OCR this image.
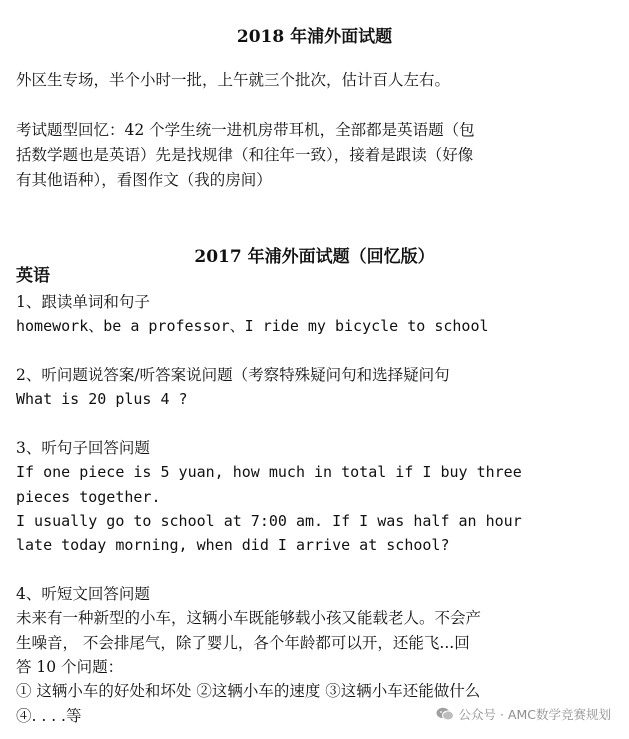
2018 年浦外面试题
外区生专场，半个小时一批，上午就三个批次，估计百人左右。
考试题型回忆：42 个学生统一进机房带耳机，全部都是英语题（包
括数学题也是英语）先是找规律（和往年一致），接着是跟读（好像
有其他语种），看图作文（我的房间）
2017 年浦外面试题（回忆版）
英语
1、跟读单词和句子
homework、be a professor、I ride my bicycle to school
2、听问题说答案/听答案说问题（考察特殊疑问句和选择疑问句
What is 20 plus 4 ?
3、听句子回答问题
If one piece is 5 yuan, how much in total if I buy three
pieces together.
I usually go to school at 7:00 am. If I was half an hour
late today morning, when did I arrive at school?
4、听短文回答问题
未来有一种新型的小车，这辆小车既能够载小孩又能载老人。不会产
生噪音， 不会排尾气，除了婴儿，各个年龄都可以开，还能飞...回
答 10 个问题：
① 这辆小车的好处和坏处 ②这辆小车的速度 ③这辆小车还能做什么
④. . . .等	公众号 · AMC数学竞赛规划
